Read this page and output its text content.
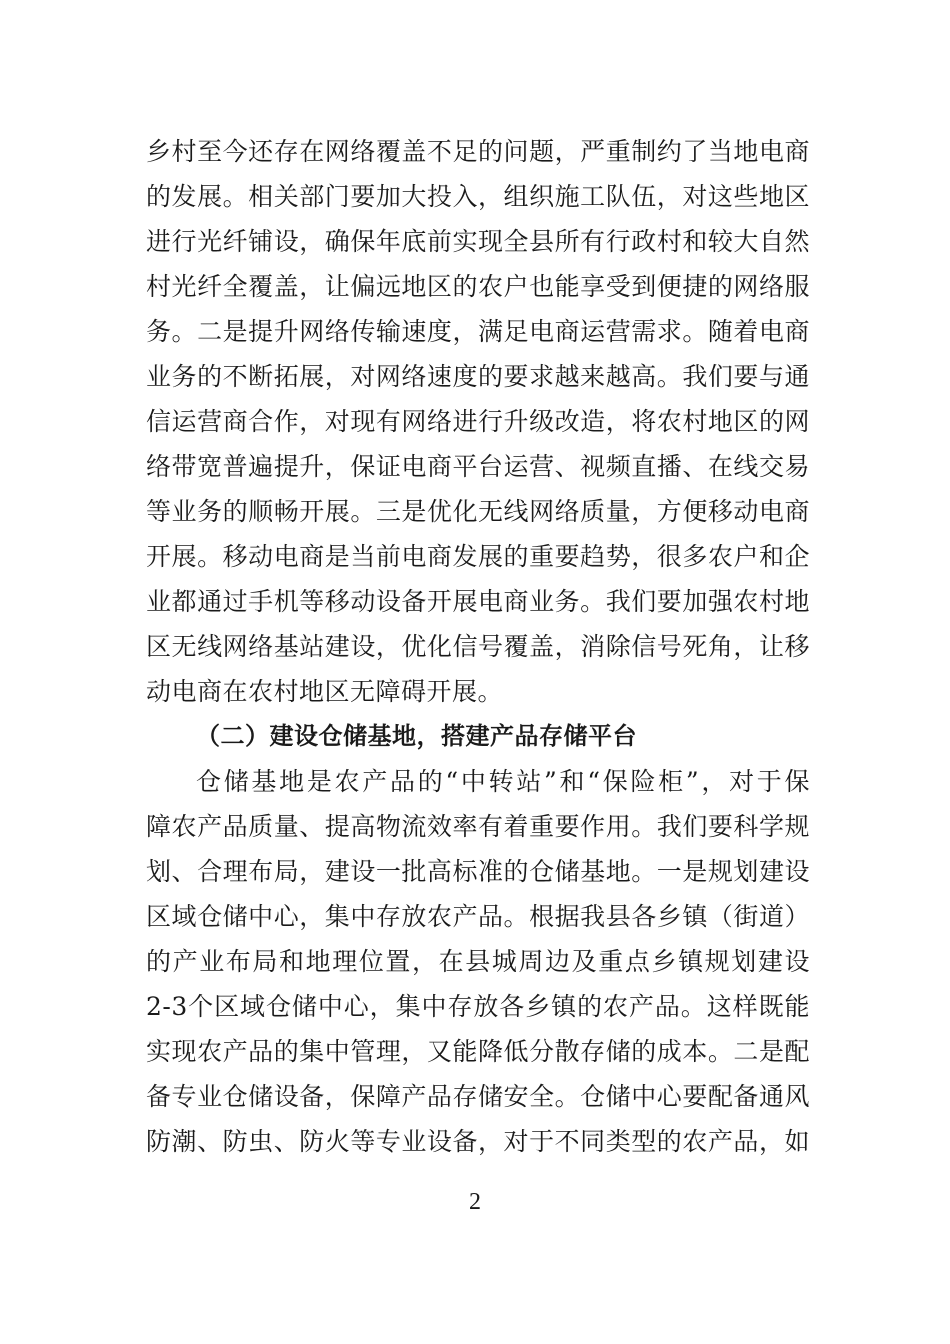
乡村至今还存在网络覆盖不足的问题，严重制约了当地电商
的发展。相关部门要加大投入，组织施工队伍，对这些地区
进行光纤铺设，确保年底前实现全县所有行政村和较大自然
村光纤全覆盖，让偏远地区的农户也能享受到便捷的网络服
务。二是提升网络传输速度，满足电商运营需求。随着电商
业务的不断拓展，对网络速度的要求越来越高。我们要与通
信运营商合作，对现有网络进行升级改造，将农村地区的网
络带宽普遍提升，保证电商平台运营、视频直播、在线交易
等业务的顺畅开展。三是优化无线网络质量，方便移动电商
开展。移动电商是当前电商发展的重要趋势，很多农户和企
业都通过手机等移动设备开展电商业务。我们要加强农村地
区无线网络基站建设，优化信号覆盖，消除信号死角，让移
动电商在农村地区无障碍开展。
（二）建设仓储基地，搭建产品存储平台
仓储基地是农产品的“中转站”和“保险柜”，对于保
障农产品质量、提高物流效率有着重要作用。我们要科学规
划、合理布局，建设一批高标准的仓储基地。一是规划建设
区域仓储中心，集中存放农产品。根据我县各乡镇（街道）
的产业布局和地理位置，在县城周边及重点乡镇规划建设
2-3个区域仓储中心，集中存放各乡镇的农产品。这样既能
实现农产品的集中管理，又能降低分散存储的成本。二是配
备专业仓储设备，保障产品存储安全。仓储中心要配备通风
防潮、防虫、防火等专业设备，对于不同类型的农产品，如
2
